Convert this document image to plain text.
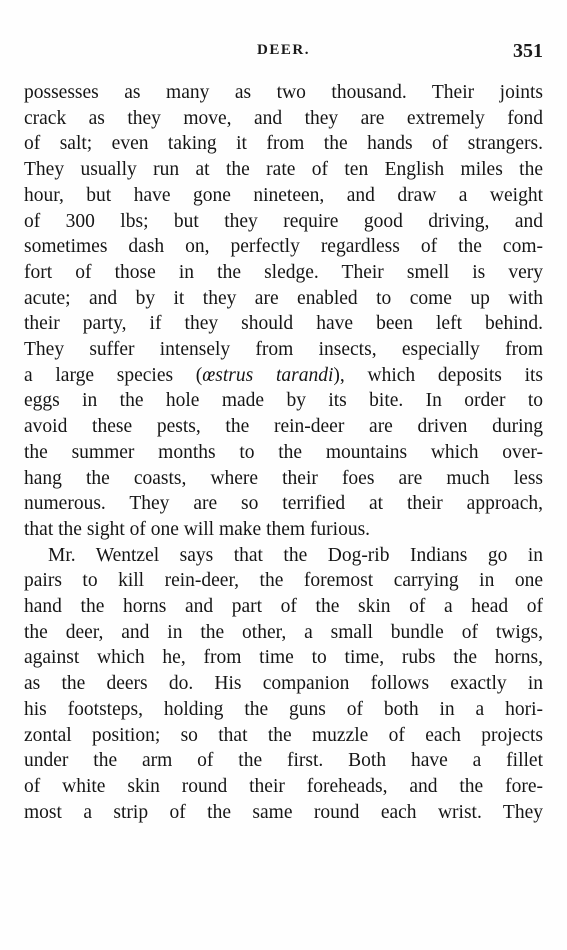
DEER.	351
possesses as many as two thousand. Their joints
crack as they move, and they are extremely fond
of salt; even taking it from the hands of strangers.
They usually run at the rate of ten English miles the
hour, but have gone nineteen, and draw a weight
of 300 lbs; but they require good driving, and
sometimes dash on, perfectly regardless of the com-
fort of those in the sledge. Their smell is very
acute; and by it they are enabled to come up with
their party, if they should have been left behind.
They suffer intensely from insects, especially from
a large species (œstrus tarandi), which deposits its
eggs in the hole made by its bite. In order to
avoid these pests, the rein-deer are driven during
the summer months to the mountains which over-
hang the coasts, where their foes are much less
numerous. They are so terrified at their approach,
that the sight of one will make them furious.
Mr. Wentzel says that the Dog-rib Indians go in
pairs to kill rein-deer, the foremost carrying in one
hand the horns and part of the skin of a head of
the deer, and in the other, a small bundle of twigs,
against which he, from time to time, rubs the horns,
as the deers do. His companion follows exactly in
his footsteps, holding the guns of both in a hori-
zontal position; so that the muzzle of each projects
under the arm of the first. Both have a fillet
of white skin round their foreheads, and the fore-
most a strip of the same round each wrist. They
